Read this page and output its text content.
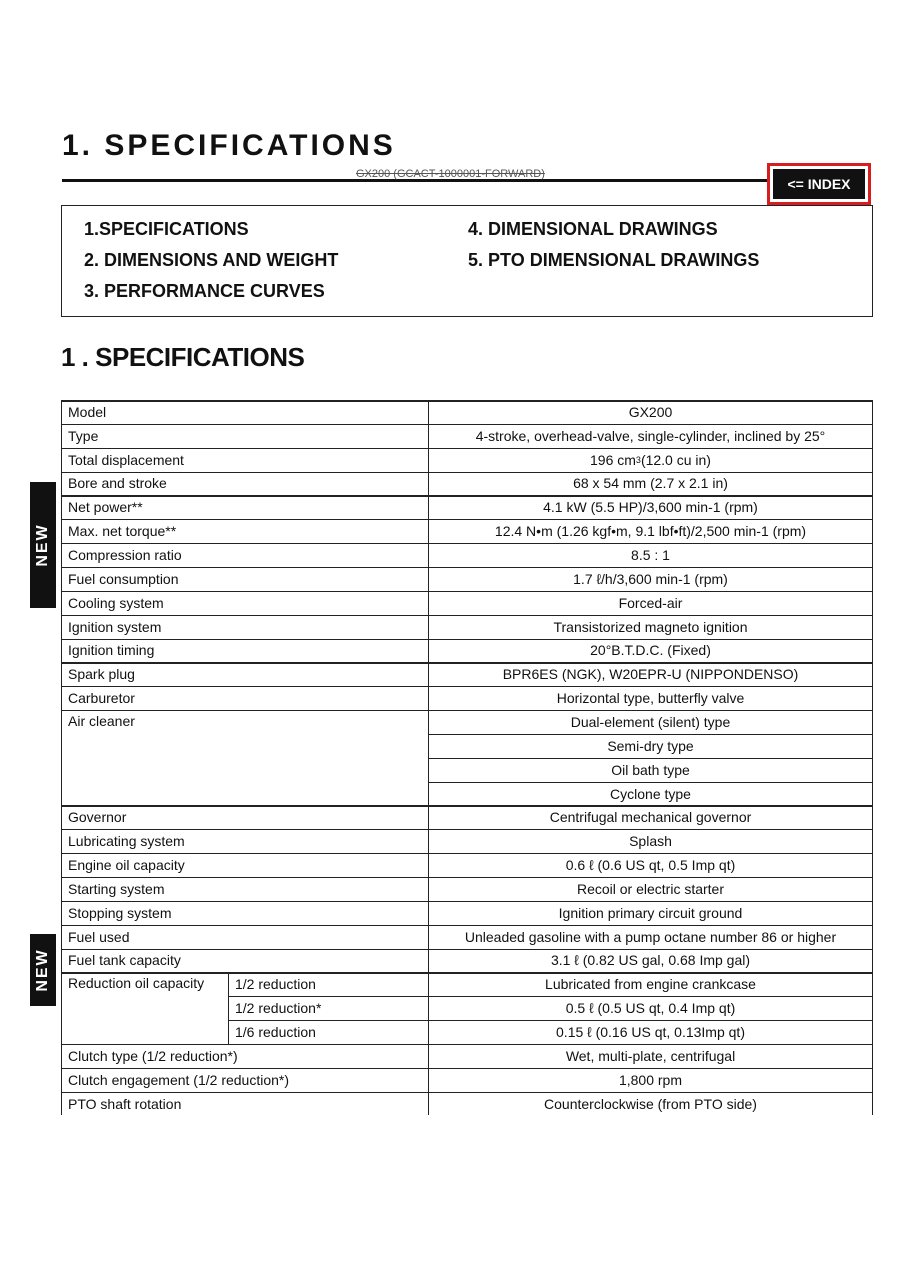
1. SPECIFICATIONS
GX200 (GCACT-1000001-FORWARD)
<= INDEX
1.SPECIFICATIONS
2. DIMENSIONS AND WEIGHT
3. PERFORMANCE CURVES
4. DIMENSIONAL DRAWINGS
5. PTO DIMENSIONAL DRAWINGS
1 . SPECIFICATIONS
NEW
NEW
Model	GX200
Type	4-stroke, overhead-valve, single-cylinder, inclined by 25°
Total displacement	196 cm 3 (12.0 cu in)
Bore and stroke	68 x 54 mm (2.7 x 2.1 in)
Net power**	4.1 kW (5.5 HP)/3,600 min-1 (rpm)
Max. net torque**	12.4 N•m (1.26 kgf•m, 9.1 lbf•ft)/2,500 min-1 (rpm)
Compression ratio	8.5 : 1
Fuel consumption	1.7 ℓ/h/3,600 min-1 (rpm)
Cooling system	Forced-air
Ignition system	Transistorized magneto ignition
Ignition timing	20°B.T.D.C. (Fixed)
Spark plug	BPR6ES (NGK), W20EPR-U (NIPPONDENSO)
Carburetor	Horizontal type, butterfly valve
Air cleaner	Dual-element (silent) type
Semi-dry type
Oil bath type
Cyclone type
Governor	Centrifugal mechanical governor
Lubricating system	Splash
Engine oil capacity	0.6 ℓ (0.6 US qt, 0.5 Imp qt)
Starting system	Recoil or electric starter
Stopping system	Ignition primary circuit ground
Fuel used	Unleaded gasoline with a pump octane number 86 or higher
Fuel tank capacity	3.1 ℓ (0.82 US gal, 0.68 Imp gal)
Reduction oil capacity	1/2 reduction	Lubricated from engine crankcase
1/2 reduction*	0.5 ℓ (0.5 US qt, 0.4 Imp qt)
1/6 reduction	0.15 ℓ (0.16 US qt, 0.13Imp qt)
Clutch type (1/2 reduction*)	Wet, multi-plate, centrifugal
Clutch engagement (1/2 reduction*)	1,800 rpm
PTO shaft rotation	Counterclockwise (from PTO side)
